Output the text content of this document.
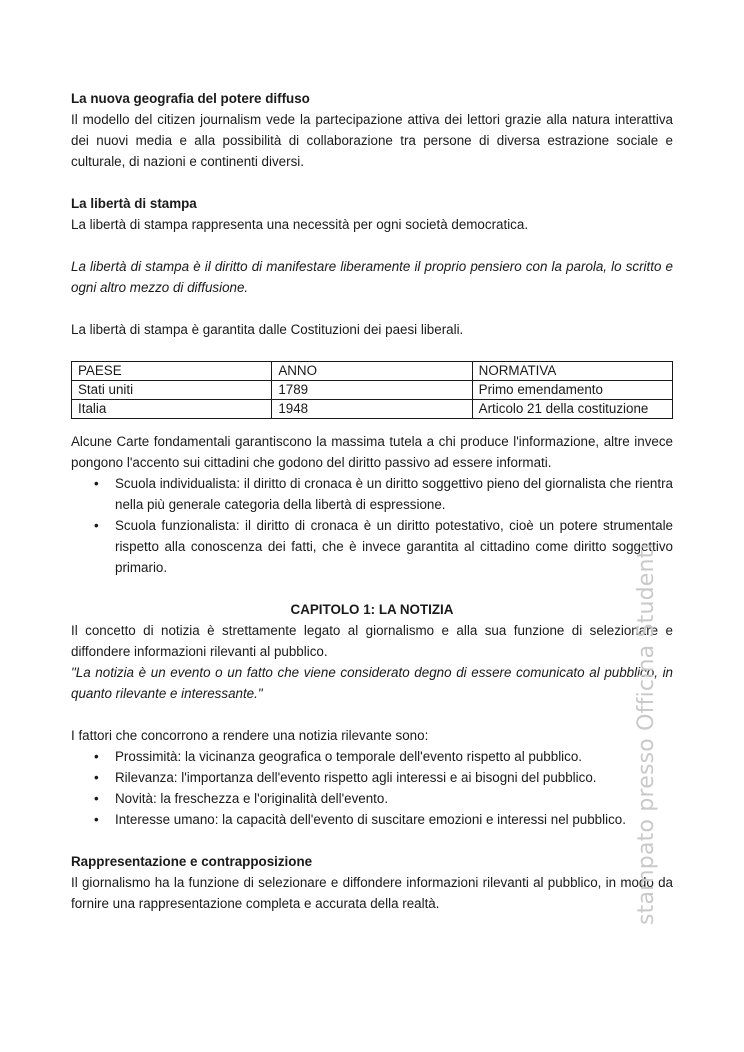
La nuova geografia del potere diffuso

Il modello del citizen journalism vede la partecipazione attiva dei lettori grazie alla natura interattiva dei nuovi media e alla possibilità di collaborazione tra persone di diversa estrazione sociale e culturale, di nazioni e continenti diversi.

La libertà di stampa

La libertà di stampa rappresenta una necessità per ogni società democratica.

La libertà di stampa è il diritto di manifestare liberamente il proprio pensiero con la parola, lo scritto e ogni altro mezzo di diffusione.

La libertà di stampa è garantita dalle Costituzioni dei paesi liberali.

PAESE	ANNO	NORMATIVA
Stati uniti	1789	Primo emendamento
Italia	1948	Articolo 21 della costituzione

Alcune Carte fondamentali garantiscono la massima tutela a chi produce l'informazione, altre invece pongono l'accento sui cittadini che godono del diritto passivo ad essere informati.

• Scuola individualista: il diritto di cronaca è un diritto soggettivo pieno del giornalista che rientra nella più generale categoria della libertà di espressione.
• Scuola funzionalista: il diritto di cronaca è un diritto potestativo, cioè un potere strumentale rispetto alla conoscenza dei fatti, che è invece garantita al cittadino come diritto soggettivo primario.

CAPITOLO 1: LA NOTIZIA

Il concetto di notizia è strettamente legato al giornalismo e alla sua funzione di selezionare e diffondere informazioni rilevanti al pubblico.

"La notizia è un evento o un fatto che viene considerato degno di essere comunicato al pubblico, in quanto rilevante e interessante."

I fattori che concorrono a rendere una notizia rilevante sono:

• Prossimità: la vicinanza geografica o temporale dell'evento rispetto al pubblico.
• Rilevanza: l'importanza dell'evento rispetto agli interessi e ai bisogni del pubblico.
• Novità: la freschezza e l'originalità dell'evento.
• Interesse umano: la capacità dell'evento di suscitare emozioni e interessi nel pubblico.
Rappresentazione e contrapposizione

Il giornalismo ha la funzione di selezionare e diffondere informazioni rilevanti al pubblico, in modo da fornire una rappresentazione completa e accurata della realtà.	stampato presso Officina Studenti
